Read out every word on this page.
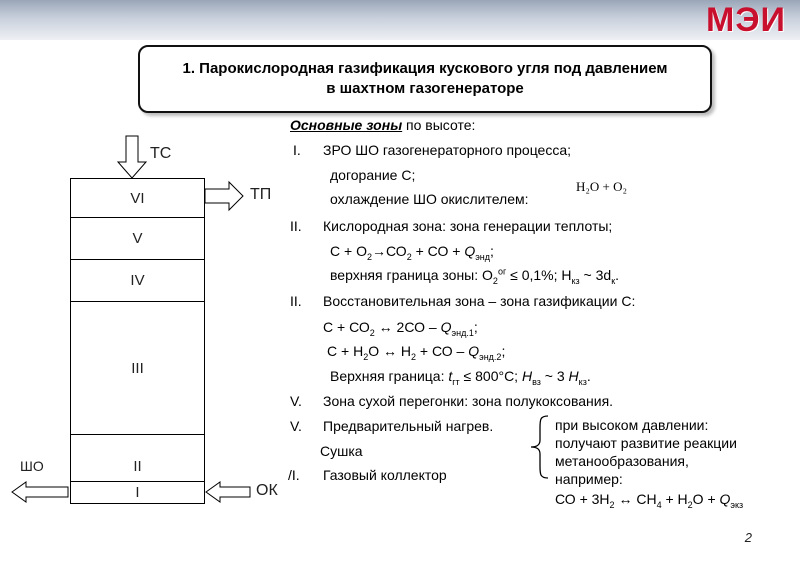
МЭИ
1. Парокислородная газификация кускового угля под давлением
в шахтном газогенераторе
ТС
VI
V
IV
III
II
I
ТП
ШО
ОК
Основные зоны по высоте:
I. ЗРО ШО газогенераторного процесса;
догорание С;
охлаждение ШО окислителем:
H₂O + O₂
II. Кислородная зона: зона генерации теплоты;
$С + О_2\to СО_2$ + СО + $Q_{энд}$;
верхняя граница зоны: $О_2^{ог} \le 0,1\%$; $Н_{кз}$ ~ $3d_к$.
II. Восстановительная зона – зона газификации С:
$С + СО_2$ ↔ $2СО - Q_{энд.1}$;
$С + Н_2О$ ↔ $Н_2$ + СО – $Q_{энд.2}$;
Верхняя граница: $t_{гт} \le 800^\circ С$; $Н_{вз}$ ~ 3 $Н_{кз}$.
V. Зона сухой перегонки: зона полукоксования.
V. Предварительный нагрев.
Сушка
/I. Газовый коллектор
при высоком давлении:
получают развитие реакции
метанообразования,
например:
СО + $3Н_2$ ↔ $СН_4 + Н_2О + Q_{экз}$
2
